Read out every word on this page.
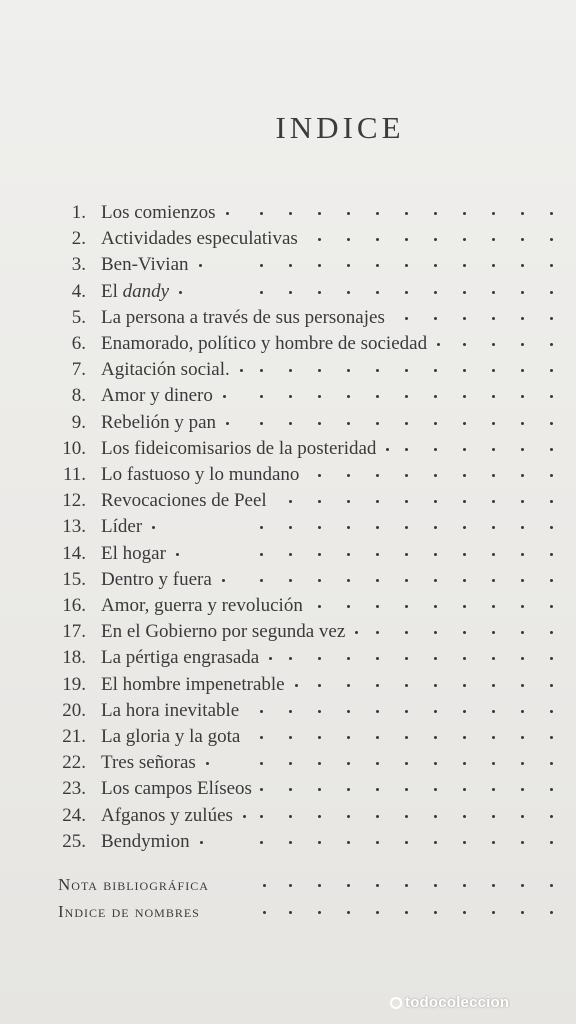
INDICE
1. Los comienzos
2. Actividades especulativas
3. Ben-Vivian
4. El dandy
5. La persona a través de sus personajes
6. Enamorado, político y hombre de sociedad
7. Agitación social.
8. Amor y dinero
9. Rebelión y pan
10. Los fideicomisarios de la posteridad
11. Lo fastuoso y lo mundano
12. Revocaciones de Peel
13. Líder
14. El hogar
15. Dentro y fuera
16. Amor, guerra y revolución
17. En el Gobierno por segunda vez
18. La pértiga engrasada
19. El hombre impenetrable
20. La hora inevitable
21. La gloria y la gota
22. Tres señoras
23. Los campos Elíseos
24. Afganos y zulúes
25. Bendymion
Nota bibliográfica
Indice de nombres
todocoleccion
